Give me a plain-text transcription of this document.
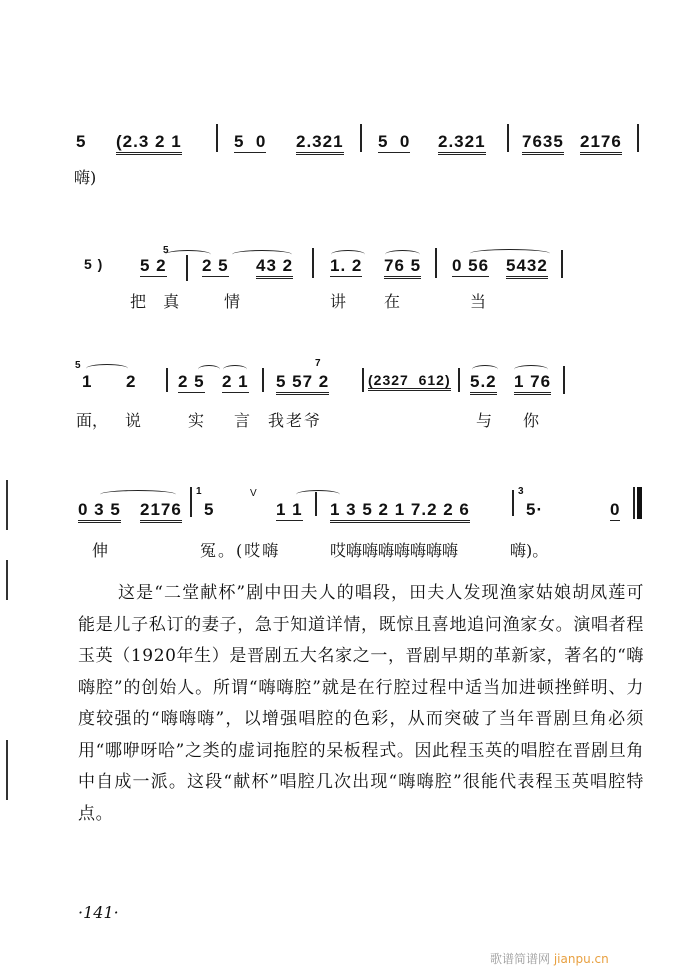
5 (2.3 2 1	5  0 2.321 5  0 2.321 7635 2176
嗨)
5 )
5
5 2 2 5 43 2 1. 2 76 5 0 56 5432
把 真 情	讲 在	当
5
1 2 2 5 2 1
7
5 57 2	(2327  612) 5.2 1 76
面， 说	实 言 我老爷	与 你
0 3 5 2176
1
5
V
1 1 1 3 5 2 1 7.2 2 6
3
5·	0
伸	冤。(哎嗨	哎嗨嗨嗨嗨嗨嗨嗨	嗨)。

这是“二堂献杯”剧中田夫人的唱段，田夫人发现渔家姑娘胡凤莲可能是儿子私订的妻子，急于知道详情，既惊且喜地追问渔家女。演唱者程玉英（1920年生）是晋剧五大名家之一，晋剧早期的革新家，著名的“嗨嗨腔”的创始人。所谓“嗨嗨腔”就是在行腔过程中适当加进顿挫鲜明、力度较强的“嗨嗨嗨”，以增强唱腔的色彩，从而突破了当年晋剧旦角必须用“哪咿呀哈”之类的虚词拖腔的呆板程式。因此程玉英的唱腔在晋剧旦角中自成一派。这段“献杯”唱腔几次出现“嗨嗨腔”很能代表程玉英唱腔特点。

·141·
歌谱简谱网 jianpu.cn
